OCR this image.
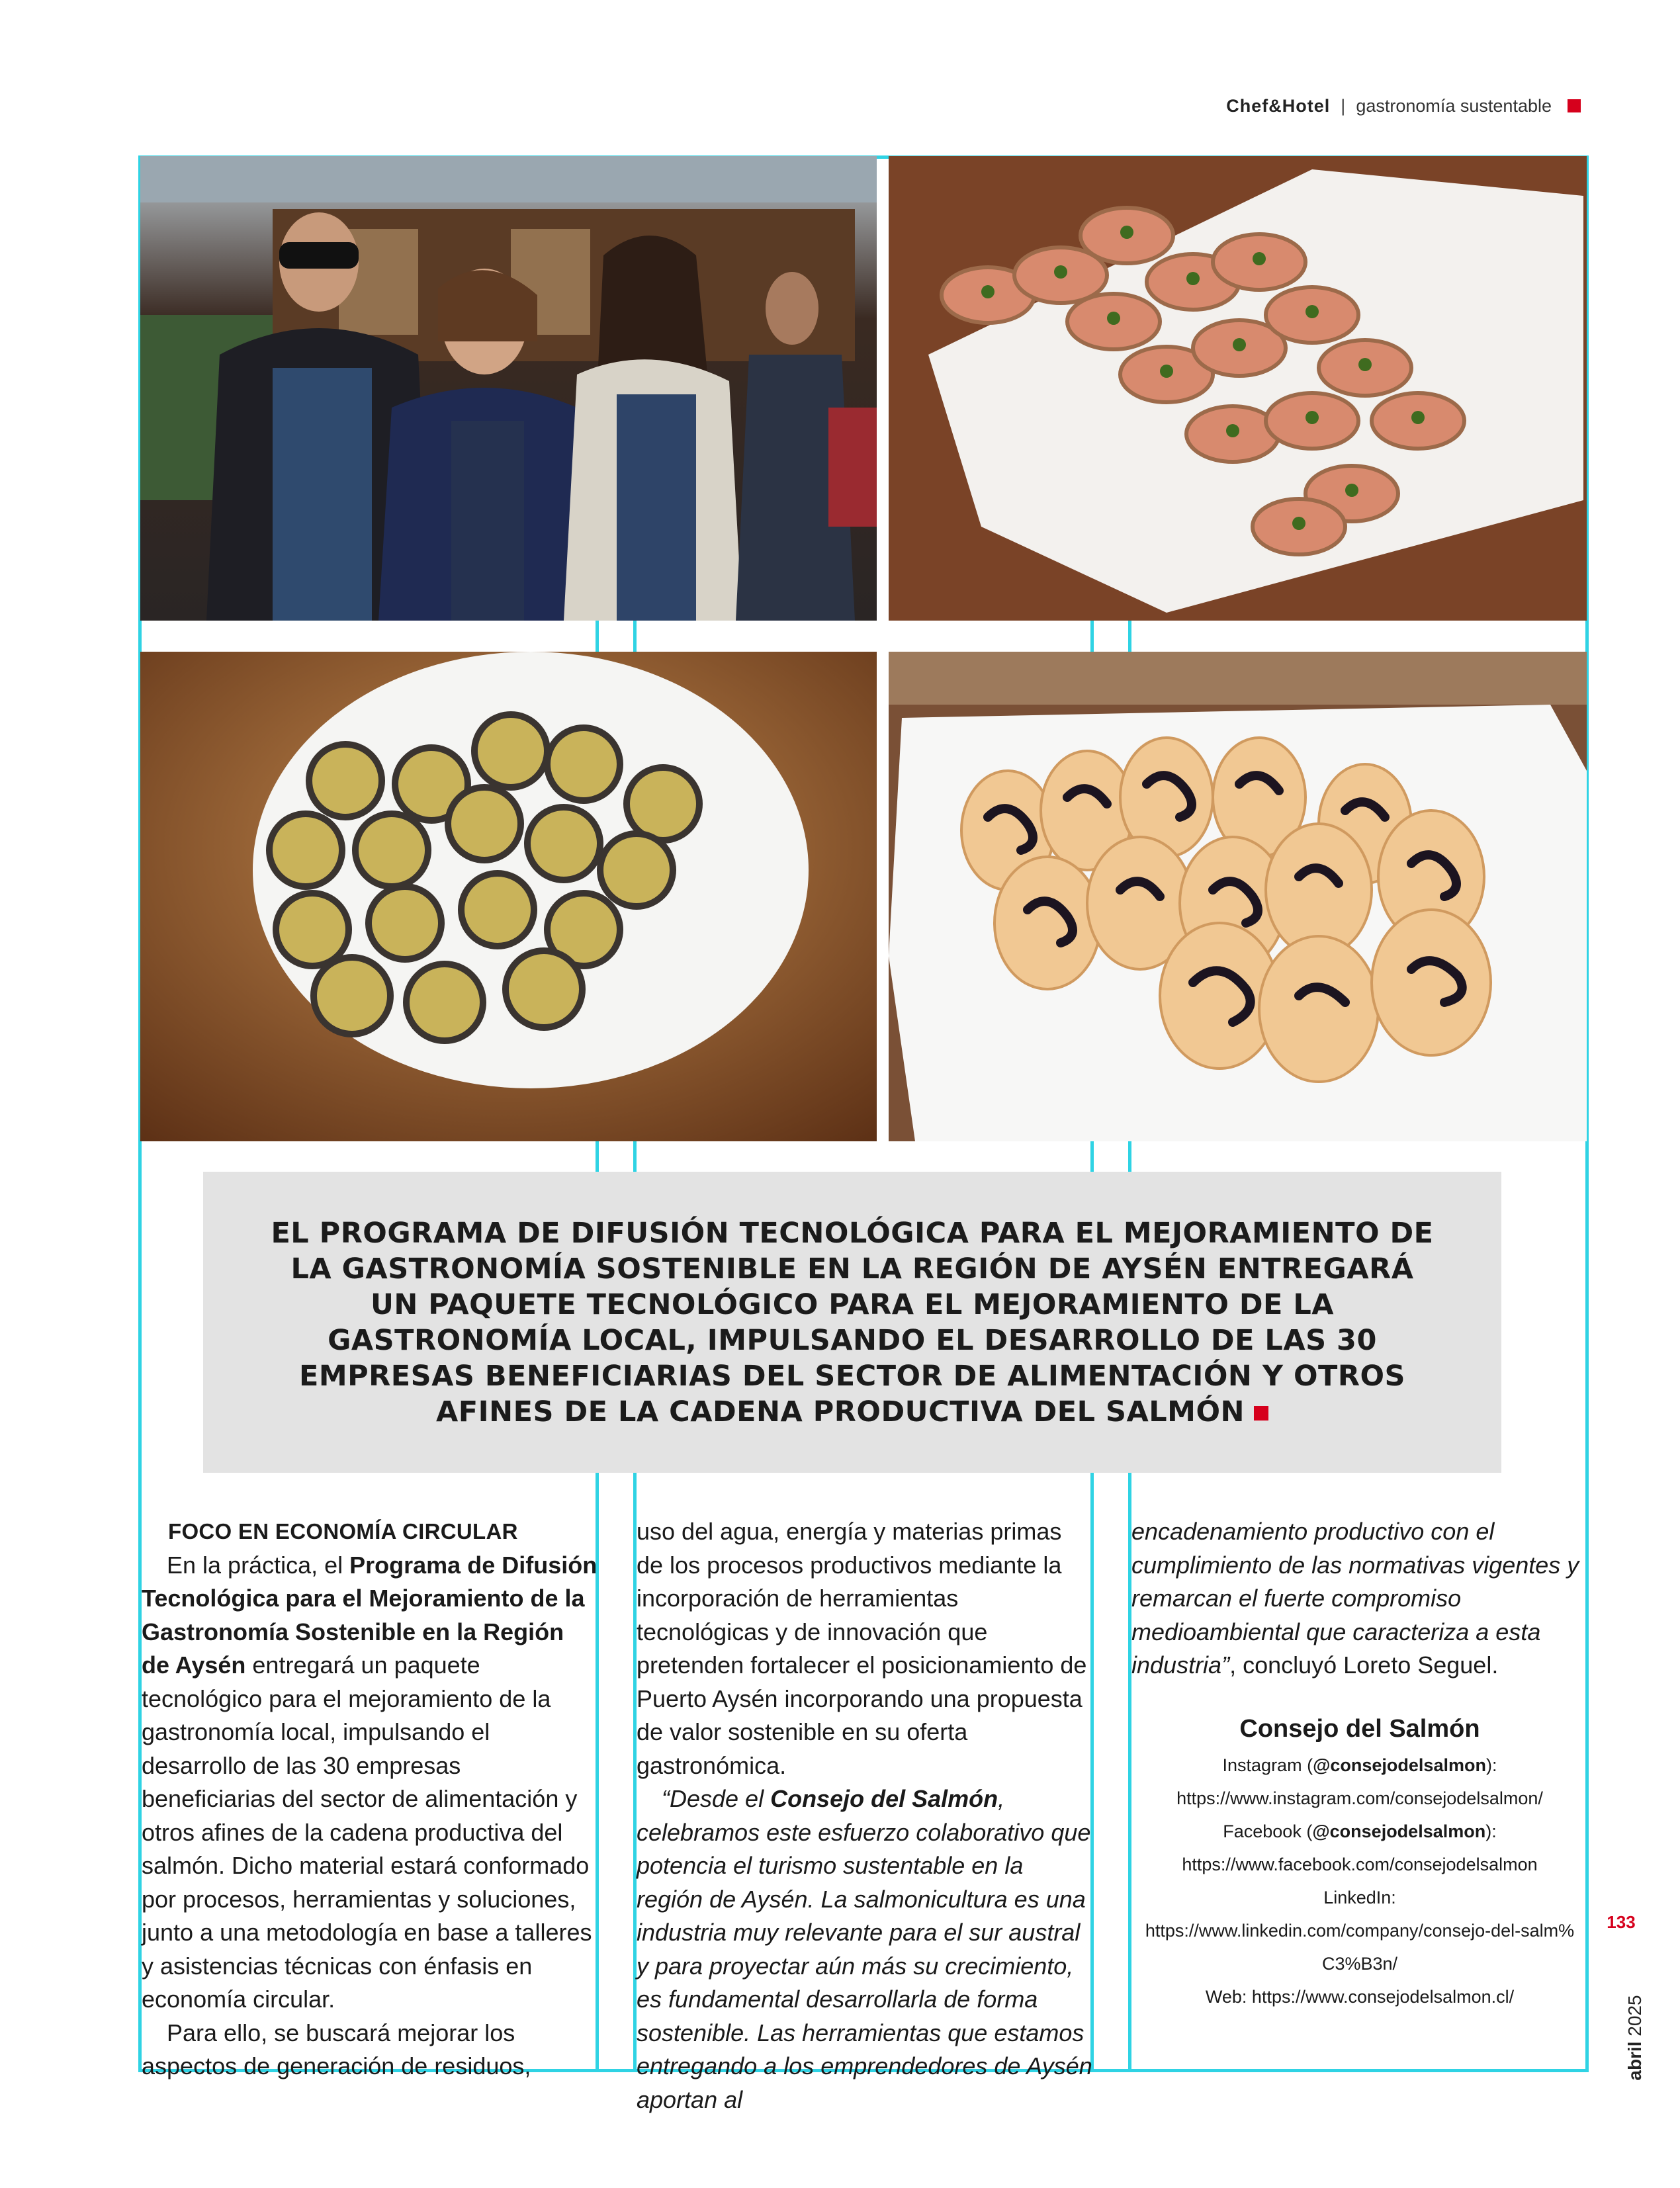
Chef&Hotel | gastronomía sustentable
EL PROGRAMA DE DIFUSIÓN TECNOLÓGICA PARA EL MEJORAMIENTO DE LA GASTRONOMÍA SOSTENIBLE EN LA REGIÓN DE AYSÉN ENTREGARÁ UN PAQUETE TECNOLÓGICO PARA EL MEJORAMIENTO DE LA GASTRONOMÍA LOCAL, IMPULSANDO EL DESARROLLO DE LAS 30 EMPRESAS BENEFICIARIAS DEL SECTOR DE ALIMENTACIÓN Y OTROS AFINES DE LA CADENA PRODUCTIVA DEL SALMÓN

FOCO EN ECONOMÍA CIRCULAR

En la práctica, el Programa de Difusión Tecnológica para el Mejoramiento de la Gastronomía Sostenible en la Región de Aysén entregará un paquete tecnológico para el mejoramiento de la gastronomía local, impulsando el desarrollo de las 30 empresas beneficiarias del sector de alimentación y otros afines de la cadena productiva del salmón. Dicho material estará conformado por procesos, herramientas y soluciones, junto a una metodología en base a talleres y asistencias técnicas con énfasis en economía circular.

Para ello, se buscará mejorar los aspectos de generación de residuos,

uso del agua, energía y materias primas de los procesos productivos mediante la incorporación de herramientas tecnológicas y de innovación que pretenden fortalecer el posicionamiento de Puerto Aysén incorporando una propuesta de valor sostenible en su oferta gastronómica.

“Desde el Consejo del Salmón, celebramos este esfuerzo colaborativo que potencia el turismo sustentable en la región de Aysén. La salmonicultura es una industria muy relevante para el sur austral y para proyectar aún más su crecimiento, es fundamental desarrollarla de forma sostenible. Las herramientas que estamos entregando a los emprendedores de Aysén aportan al

encadenamiento productivo con el cumplimiento de las normativas vigentes y remarcan el fuerte compromiso medioambiental que caracteriza a esta industria”, concluyó Loreto Seguel.

Consejo del Salmón
Instagram (@consejodelsalmon):
https://www.instagram.com/consejodelsalmon/
Facebook (@consejodelsalmon):
https://www.facebook.com/consejodelsalmon
LinkedIn:
https://www.linkedin.com/company/consejo-del-salm%
C3%B3n/
Web: https://www.consejodelsalmon.cl/
133
abril 2025
